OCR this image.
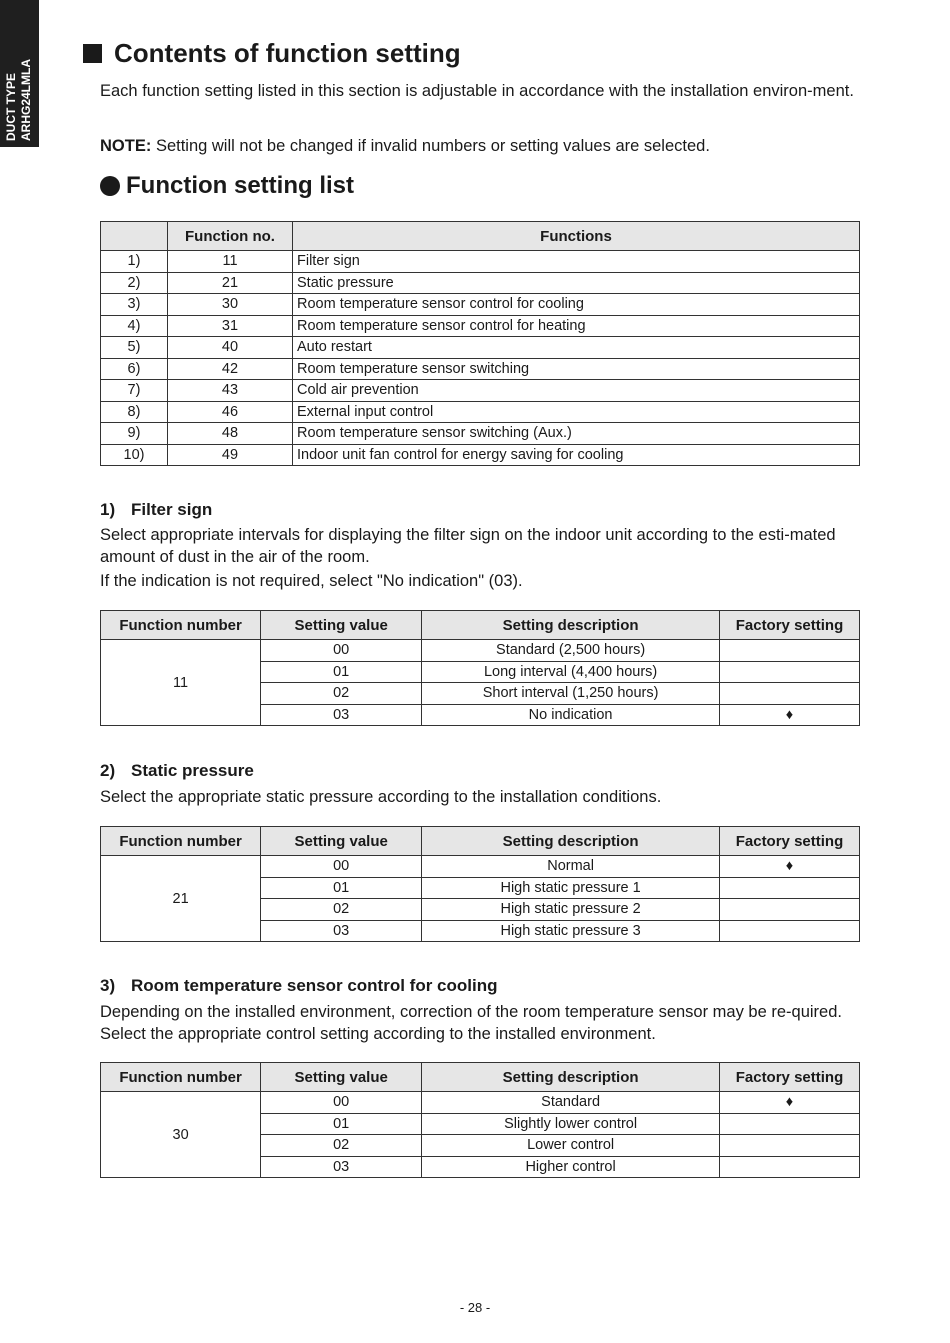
DUCT TYPE ARHG24LMLA
Contents of function setting
Each function setting listed in this section is adjustable in accordance with the installation environ-ment.
NOTE: Setting will not be changed if invalid numbers or setting values are selected.
Function setting list
	Function no.	Functions
1)	11	Filter sign
2)	21	Static pressure
3)	30	Room temperature sensor control for cooling
4)	31	Room temperature sensor control for heating
5)	40	Auto restart
6)	42	Room temperature sensor switching
7)	43	Cold air prevention
8)	46	External input control
9)	48	Room temperature sensor switching (Aux.)
10)	49	Indoor unit fan control for energy saving for cooling
1) Filter sign
Select appropriate intervals for displaying the filter sign on the indoor unit according to the esti-mated amount of dust in the air of the room.
If the indication is not required, select "No indication" (03).
Function number	Setting value	Setting description	Factory setting
11	00	Standard (2,500 hours)	
	01	Long interval (4,400 hours)	
	02	Short interval (1,250 hours)	
	03	No indication	♦
2) Static pressure
Select the appropriate static pressure according to the installation conditions.
Function number	Setting value	Setting description	Factory setting
21	00	Normal	♦
	01	High static pressure 1	
	02	High static pressure 2	
	03	High static pressure 3	
3) Room temperature sensor control for cooling
Depending on the installed environment, correction of the room temperature sensor may be re-quired. Select the appropriate control setting according to the installed environment.
Function number	Setting value	Setting description	Factory setting
30	00	Standard	♦
	01	Slightly lower control	
	02	Lower control	
	03	Higher control	
- 28 -
